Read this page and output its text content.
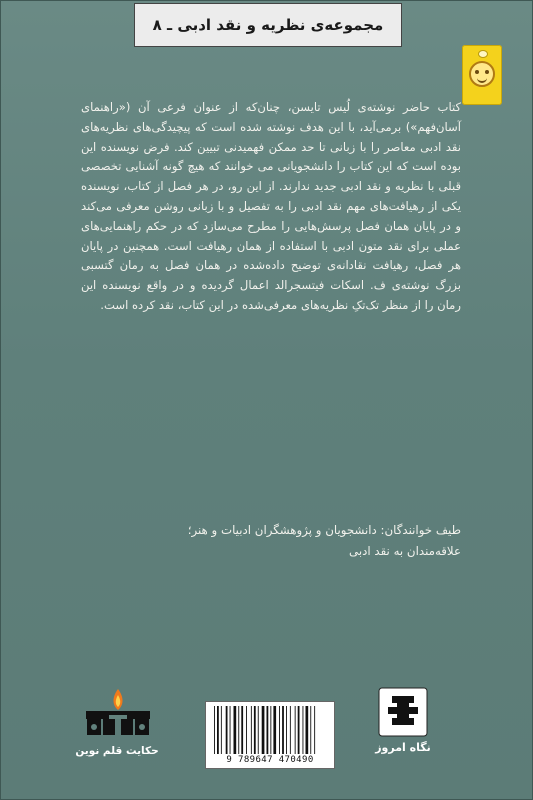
مجموعه‌ی نظریه و نقد ادبی ـ ۸

کتاب حاضر نوشته‌ی لُیس تایسن، چنان‌که از عنوان فرعی آن («راهنمای آسان‌فهم») برمی‌آید، با این هدف نوشته شده است که پیچیدگی‌های نظریه‌های نقد ادبی معاصر را با زبانی تا حد ممکن فهمیدنی تبیین کند. فرض نویسنده این بوده است که این کتاب را دانشجویانی می خوانند که هیچ گونه آشنایی تخصصی قبلی با نظریه و نقد ادبی جدید ندارند. از این رو، در هر فصل از کتاب، نویسنده یکی از رهیافت‌های مهم نقد ادبی را به تفصیل و با زبانی روشن معرفی می‌کند و در پایان همان فصل پرسش‌هایی را مطرح می‌سازد که در حکم راهنمایی‌های عملی برای نقد متون ادبی با استفاده از همان رهیافت است. همچنین در پایان هر فصل، رهیافت نقادانه‌ی توضیح داده‌شده در همان فصل به رمان گتسبی بزرگ نوشته‌ی ف. اسکات فیتسجرالد اعمال گردیده و در واقع نویسنده این رمان را از منظر تک‌تکِ نظریه‌های معرفی‌شده در این کتاب، نقد کرده است.

طیف خوانندگان: دانشجویان و پژوهشگران ادبیات و هنر؛

علاقه‌مندان به نقد ادبی

حکایت قلم نوین
9 789647 470490
نگاه امروز
